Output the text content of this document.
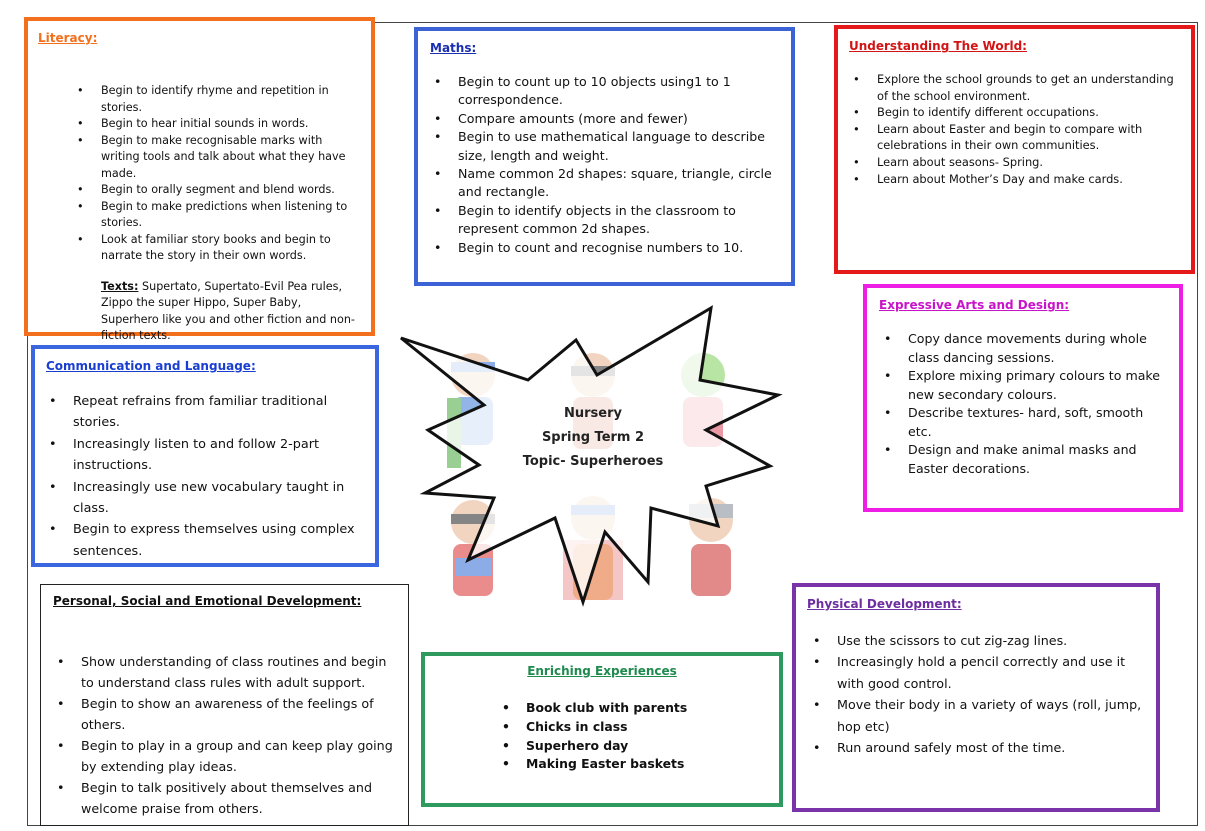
Literacy:
• Begin to identify rhyme and repetition in stories.
• Begin to hear initial sounds in words.
• Begin to make recognisable marks with writing tools and talk about what they have made.
• Begin to orally segment and blend words.
• Begin to make predictions when listening to stories.
• Look at familiar story books and begin to narrate the story in their own words.
Texts: Supertato, Supertato-Evil Pea rules, Zippo the super Hippo, Super Baby, Superhero like you and other fiction and non-fiction texts.
Maths:
• Begin to count up to 10 objects using1 to 1 correspondence.
• Compare amounts (more and fewer)
• Begin to use mathematical language to describe size, length and weight.
• Name common 2d shapes: square, triangle, circle and rectangle.
• Begin to identify objects in the classroom to represent common 2d shapes.
• Begin to count and recognise numbers to 10.
Understanding The World:
• Explore the school grounds to get an understanding of the school environment.
• Begin to identify different occupations.
• Learn about Easter and begin to compare with celebrations in their own communities.
• Learn about seasons- Spring.
• Learn about Mother’s Day and make cards.
Expressive Arts and Design:
• Copy dance movements during whole class dancing sessions.
• Explore mixing primary colours to make new secondary colours.
• Describe textures- hard, soft, smooth etc.
• Design and make animal masks and Easter decorations.
Communication and Language:
• Repeat refrains from familiar traditional stories.
• Increasingly listen to and follow 2-part instructions.
• Increasingly use new vocabulary taught in class.
• Begin to express themselves using complex sentences.
Nursery
Spring Term 2
Topic- Superheroes
Personal, Social and Emotional Development:
• Show understanding of class routines and begin to understand class rules with adult support.
• Begin to show an awareness of the feelings of others.
• Begin to play in a group and can keep play going by extending play ideas.
• Begin to talk positively about themselves and welcome praise from others.
Enriching Experiences
• Book club with parents
• Chicks in class
• Superhero day
• Making Easter baskets
Physical Development:
• Use the scissors to cut zig-zag lines.
• Increasingly hold a pencil correctly and use it with good control.
• Move their body in a variety of ways (roll, jump, hop etc)
• Run around safely most of the time.
